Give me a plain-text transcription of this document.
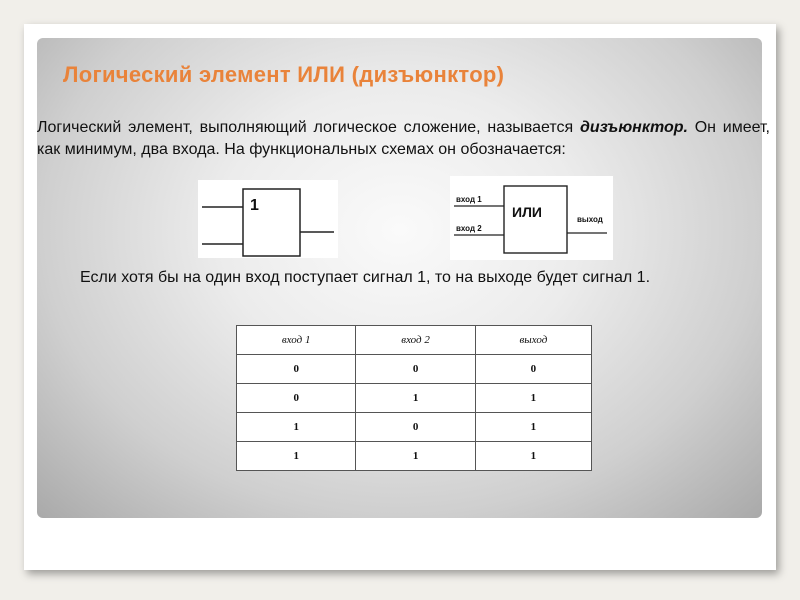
Логический элемент ИЛИ (дизъюнктор)

Логический элемент, выполняющий логическое сложение, называется дизъюнктор. Он имеет, как минимум, два входа. На функциональных схемах он обозначается:

1	вход 1
вход 2
ИЛИ	выход

Если хотя бы на один вход поступает сигнал 1, то на выходе будет сигнал 1.

вход 1	вход 2	выход
0	0	0
0	1	1
1	0	1
1	1	1
